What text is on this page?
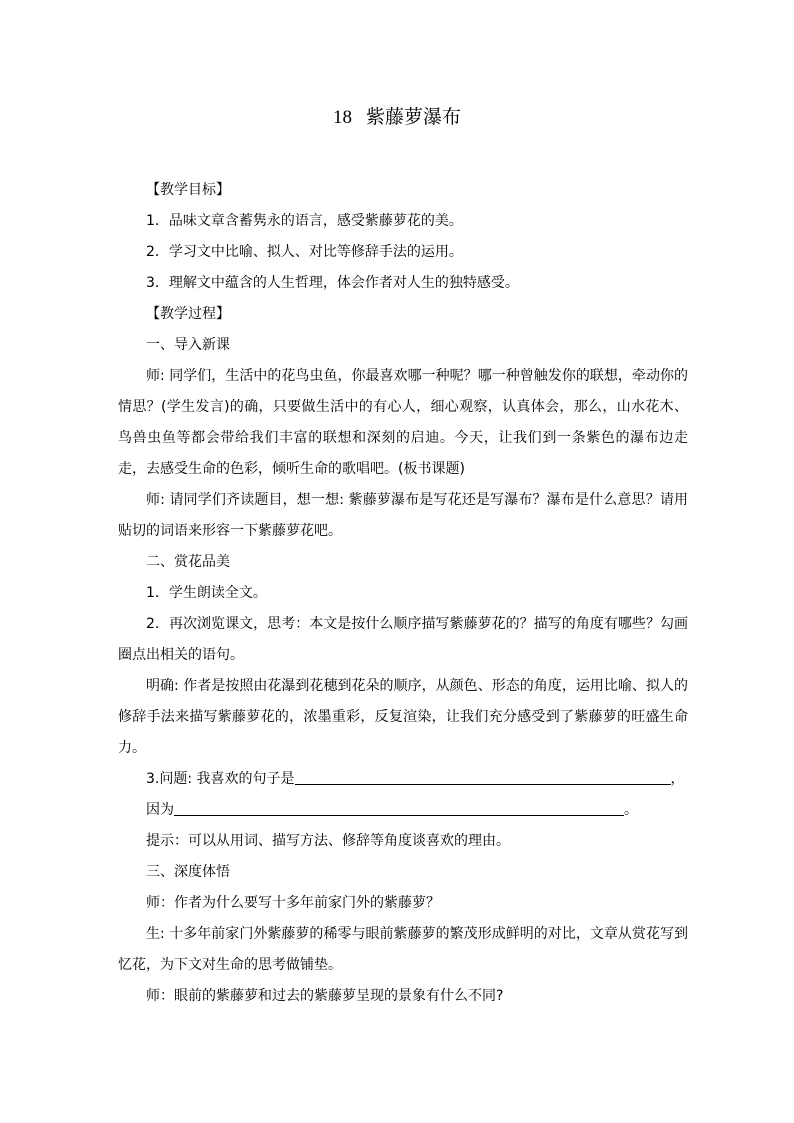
18 紫藤萝瀑布

【教学目标】

1．品味文章含蓄隽永的语言，感受紫藤萝花的美。

2．学习文中比喻、拟人、对比等修辞手法的运用。

3．理解文中蕴含的人生哲理，体会作者对人生的独特感受。

【教学过程】

一、导入新课

师: 同学们，生活中的花鸟虫鱼，你最喜欢哪一种呢？哪一种曾触发你的联想，牵动你的情思？(学生发言)的确，只要做生活中的有心人，细心观察，认真体会，那么，山水花木、鸟兽虫鱼等都会带给我们丰富的联想和深刻的启迪。今天，让我们到一条紫色的瀑布边走走，去感受生命的色彩，倾听生命的歌唱吧。(板书课题)

师: 请同学们齐读题目，想一想: 紫藤萝瀑布是写花还是写瀑布？瀑布是什么意思？请用贴切的词语来形容一下紫藤萝花吧。

二、赏花品美

1．学生朗读全文。

2．再次浏览课文，思考：本文是按什么顺序描写紫藤萝花的？描写的角度有哪些？勾画圈点出相关的语句。

明确: 作者是按照由花瀑到花穗到花朵的顺序，从颜色、形态的角度，运用比喻、拟人的修辞手法来描写紫藤萝花的，浓墨重彩，反复渲染，让我们充分感受到了紫藤萝的旺盛生命力。

3.问题: 我喜欢的句子是	，

因为	。

提示：可以从用词、描写方法、修辞等角度谈喜欢的理由。

三、深度体悟

师：作者为什么要写十多年前家门外的紫藤萝？

生: 十多年前家门外紫藤萝的稀零与眼前紫藤萝的繁茂形成鲜明的对比，文章从赏花写到忆花，为下文对生命的思考做铺垫。

师：眼前的紫藤萝和过去的紫藤萝呈现的景象有什么不同?
